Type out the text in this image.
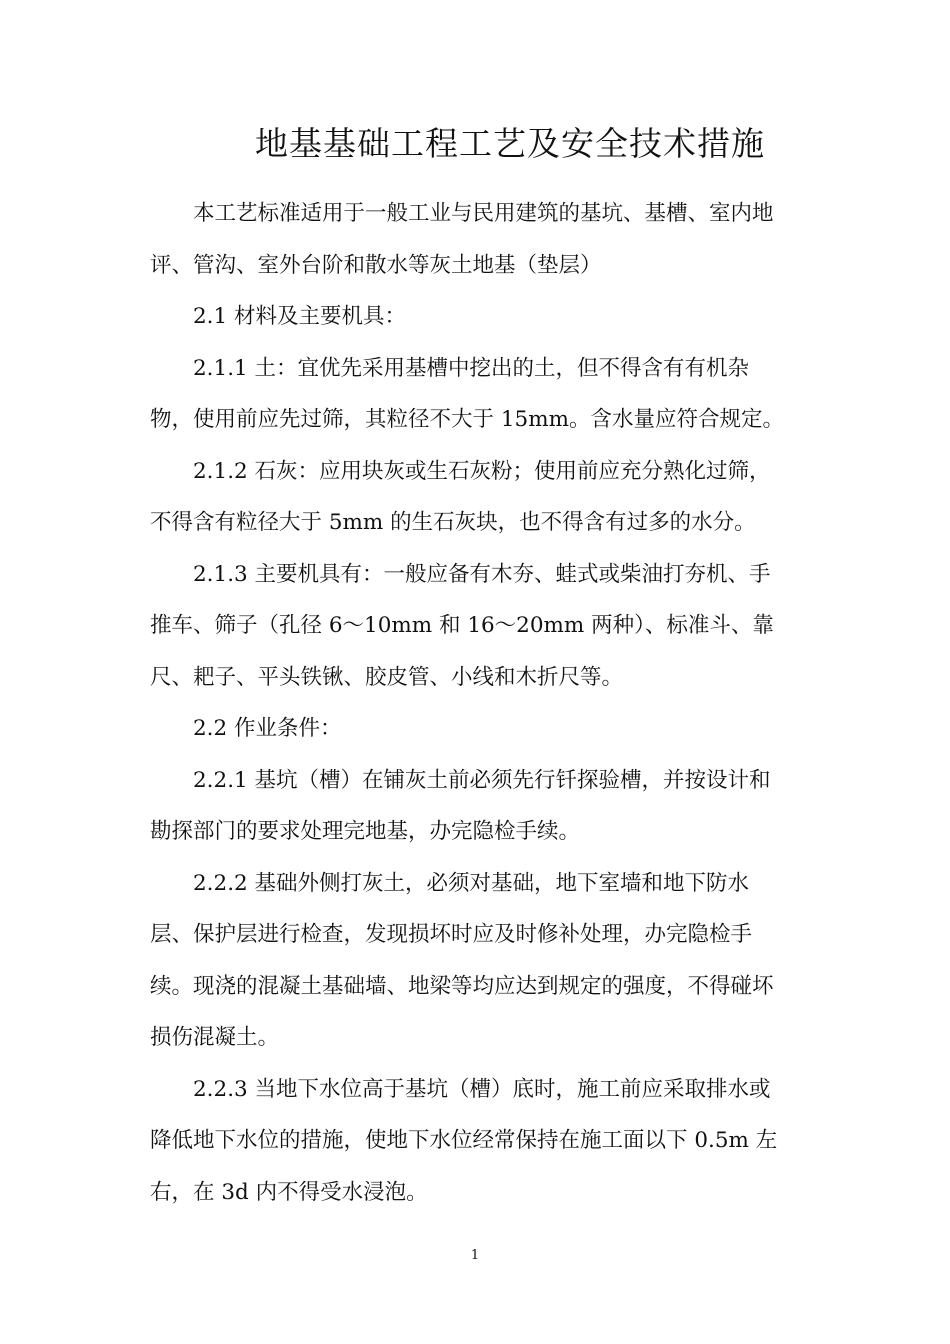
地基基础工程工艺及安全技术措施
本工艺标准适用于一般工业与民用建筑的基坑、基槽、室内地
评、管沟、室外台阶和散水等灰土地基（垫层）
2.1 材料及主要机具：
2.1.1 土：宜优先采用基槽中挖出的土，但不得含有有机杂
物，使用前应先过筛，其粒径不大于 15mm。含水量应符合规定。
2.1.2 石灰：应用块灰或生石灰粉；使用前应充分熟化过筛，
不得含有粒径大于 5mm 的生石灰块，也不得含有过多的水分。
2.1.3 主要机具有：一般应备有木夯、蛙式或柴油打夯机、手
推车、筛子（孔径 6～10mm 和 16～20mm 两种）、标准斗、靠
尺、耙子、平头铁锹、胶皮管、小线和木折尺等。
2.2 作业条件：
2.2.1 基坑（槽）在铺灰土前必须先行钎探验槽，并按设计和
勘探部门的要求处理完地基，办完隐检手续。
2.2.2 基础外侧打灰土，必须对基础，地下室墙和地下防水
层、保护层进行检查，发现损坏时应及时修补处理，办完隐检手
续。现浇的混凝土基础墙、地梁等均应达到规定的强度，不得碰坏
损伤混凝土。
2.2.3 当地下水位高于基坑（槽）底时，施工前应采取排水或
降低地下水位的措施，使地下水位经常保持在施工面以下 0.5m 左
右，在 3d 内不得受水浸泡。
1
